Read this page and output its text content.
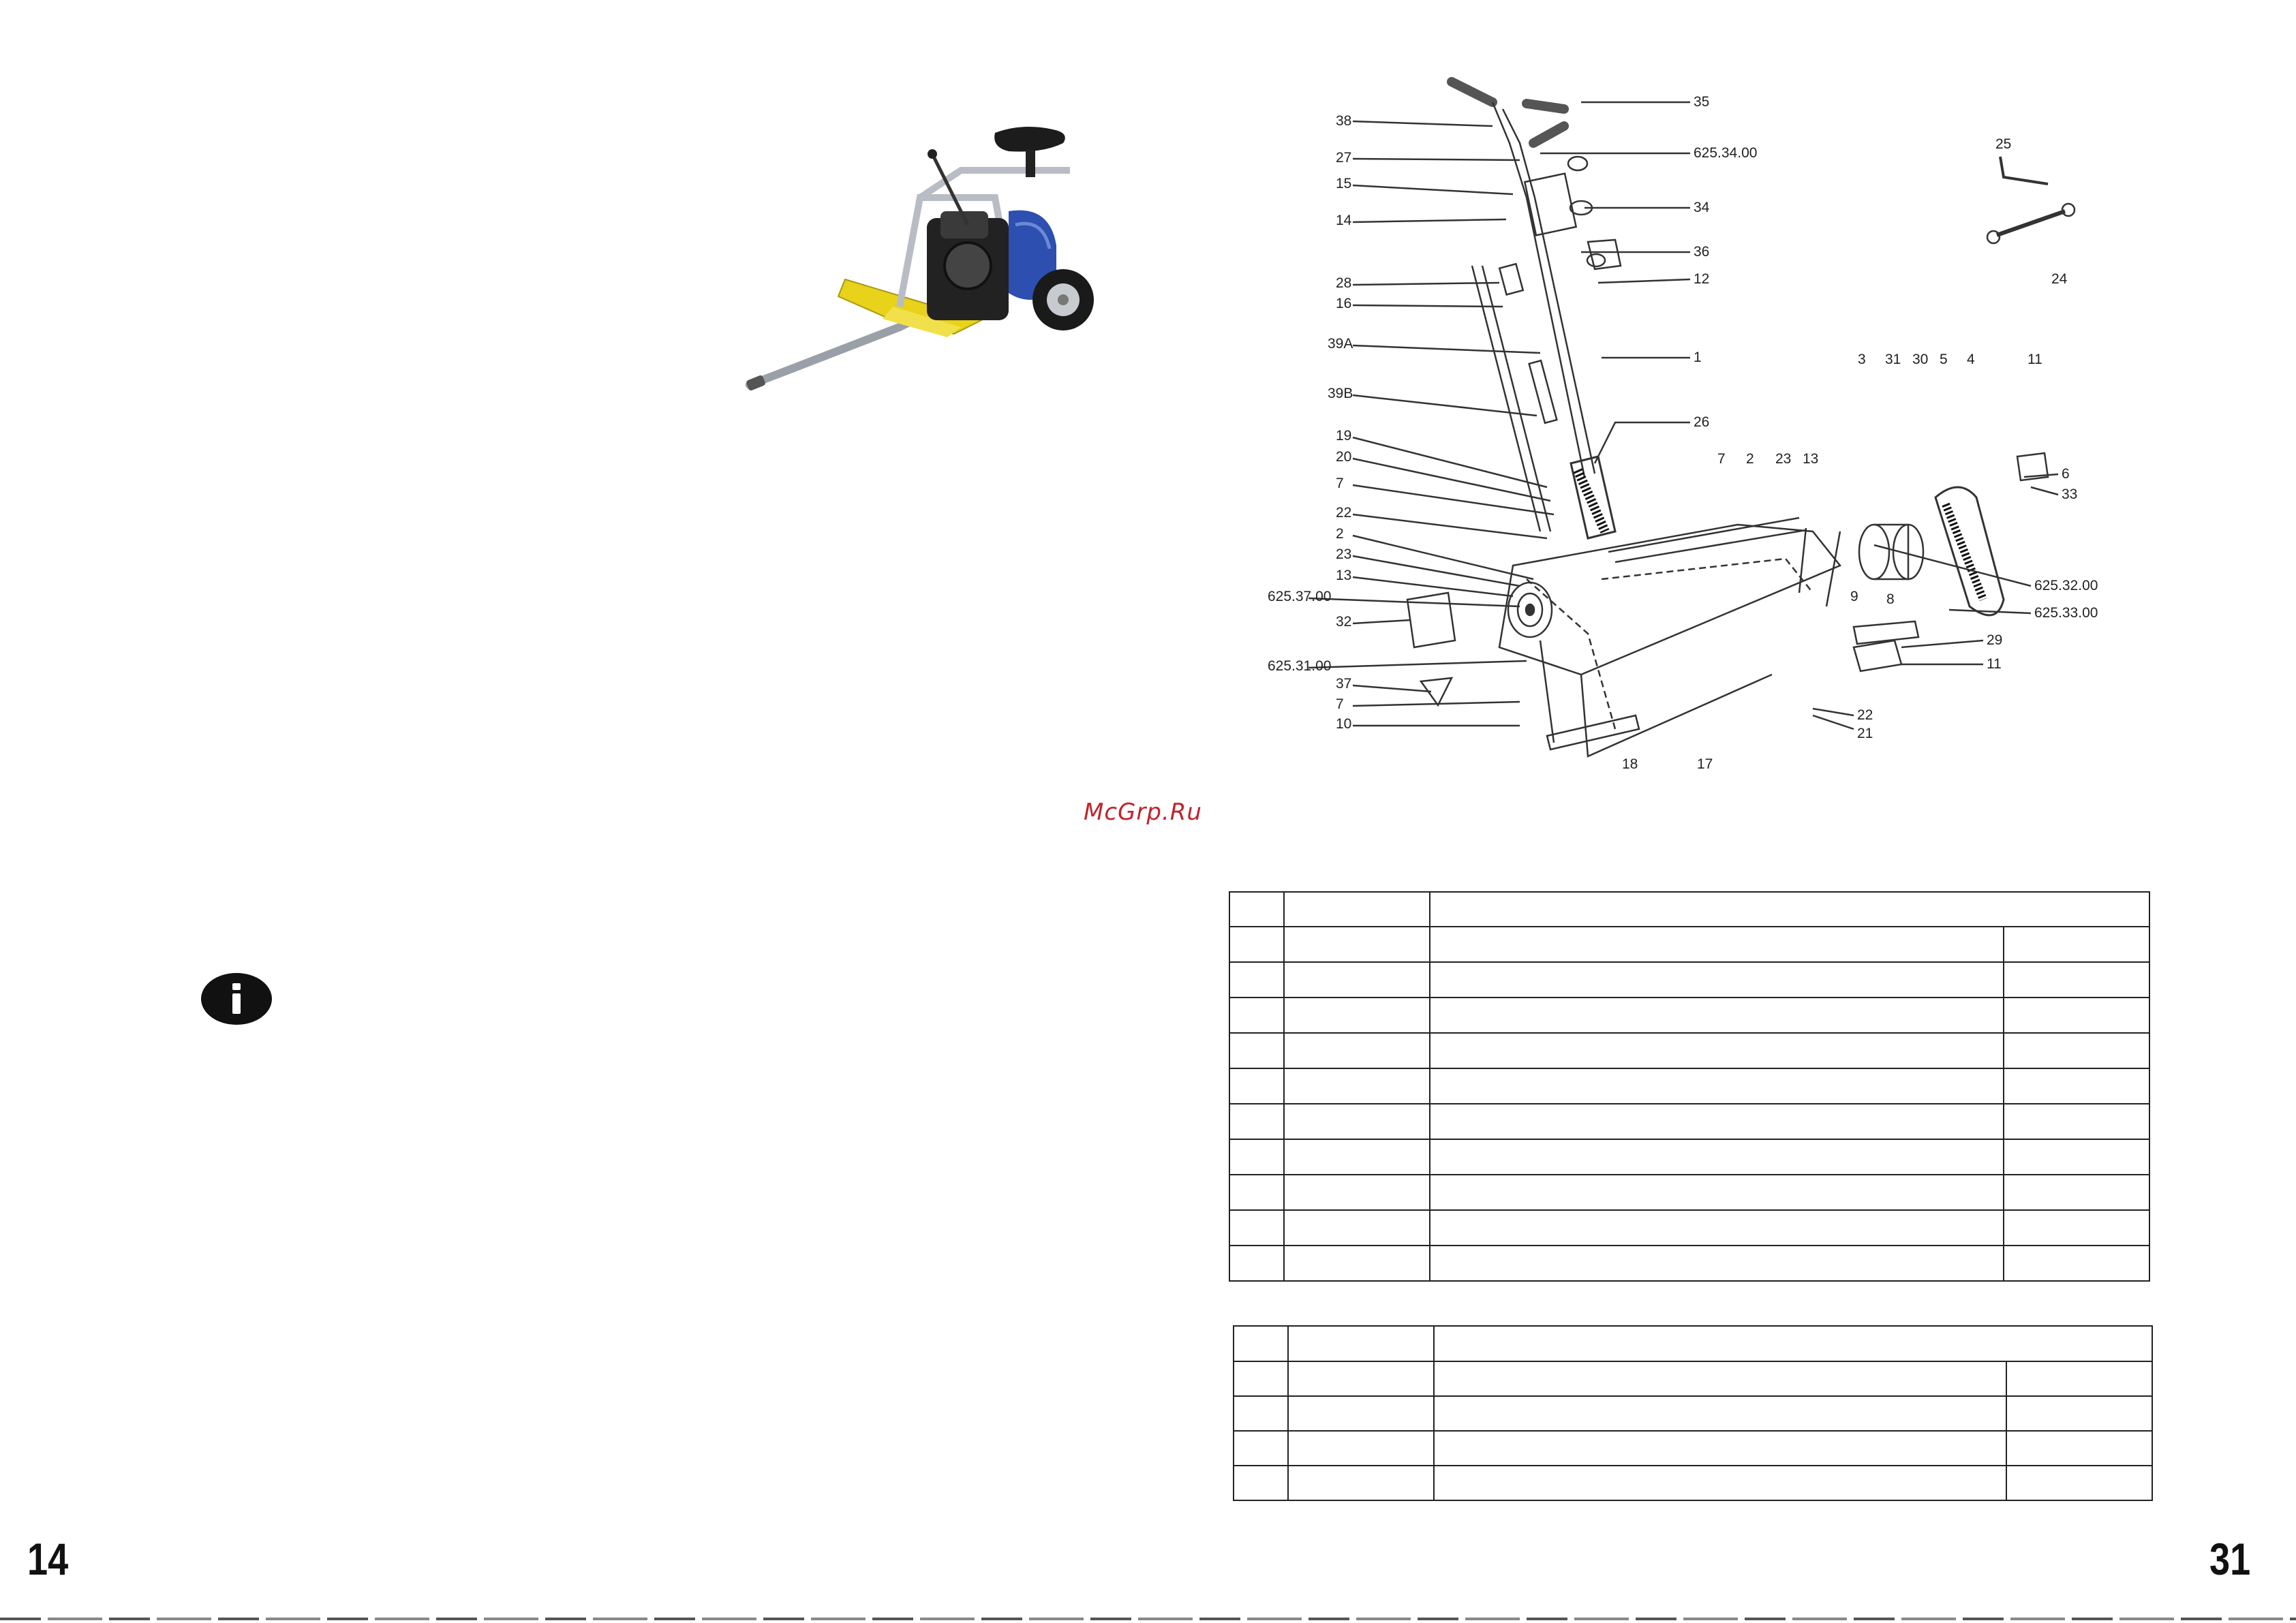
38
27
15
14
28
16
39A
39B
19
20
7
22
2
23
13
625.37.00
32
625.31.00
37
7
10
35
625.34.00
34
36
12
1
26
7 2 23 13
625.32.00
625.33.00
29
11
22
21
9 8
6
33
11
25
24
3 31 30 5 4
18	17
McGrp.Ru

14	31
